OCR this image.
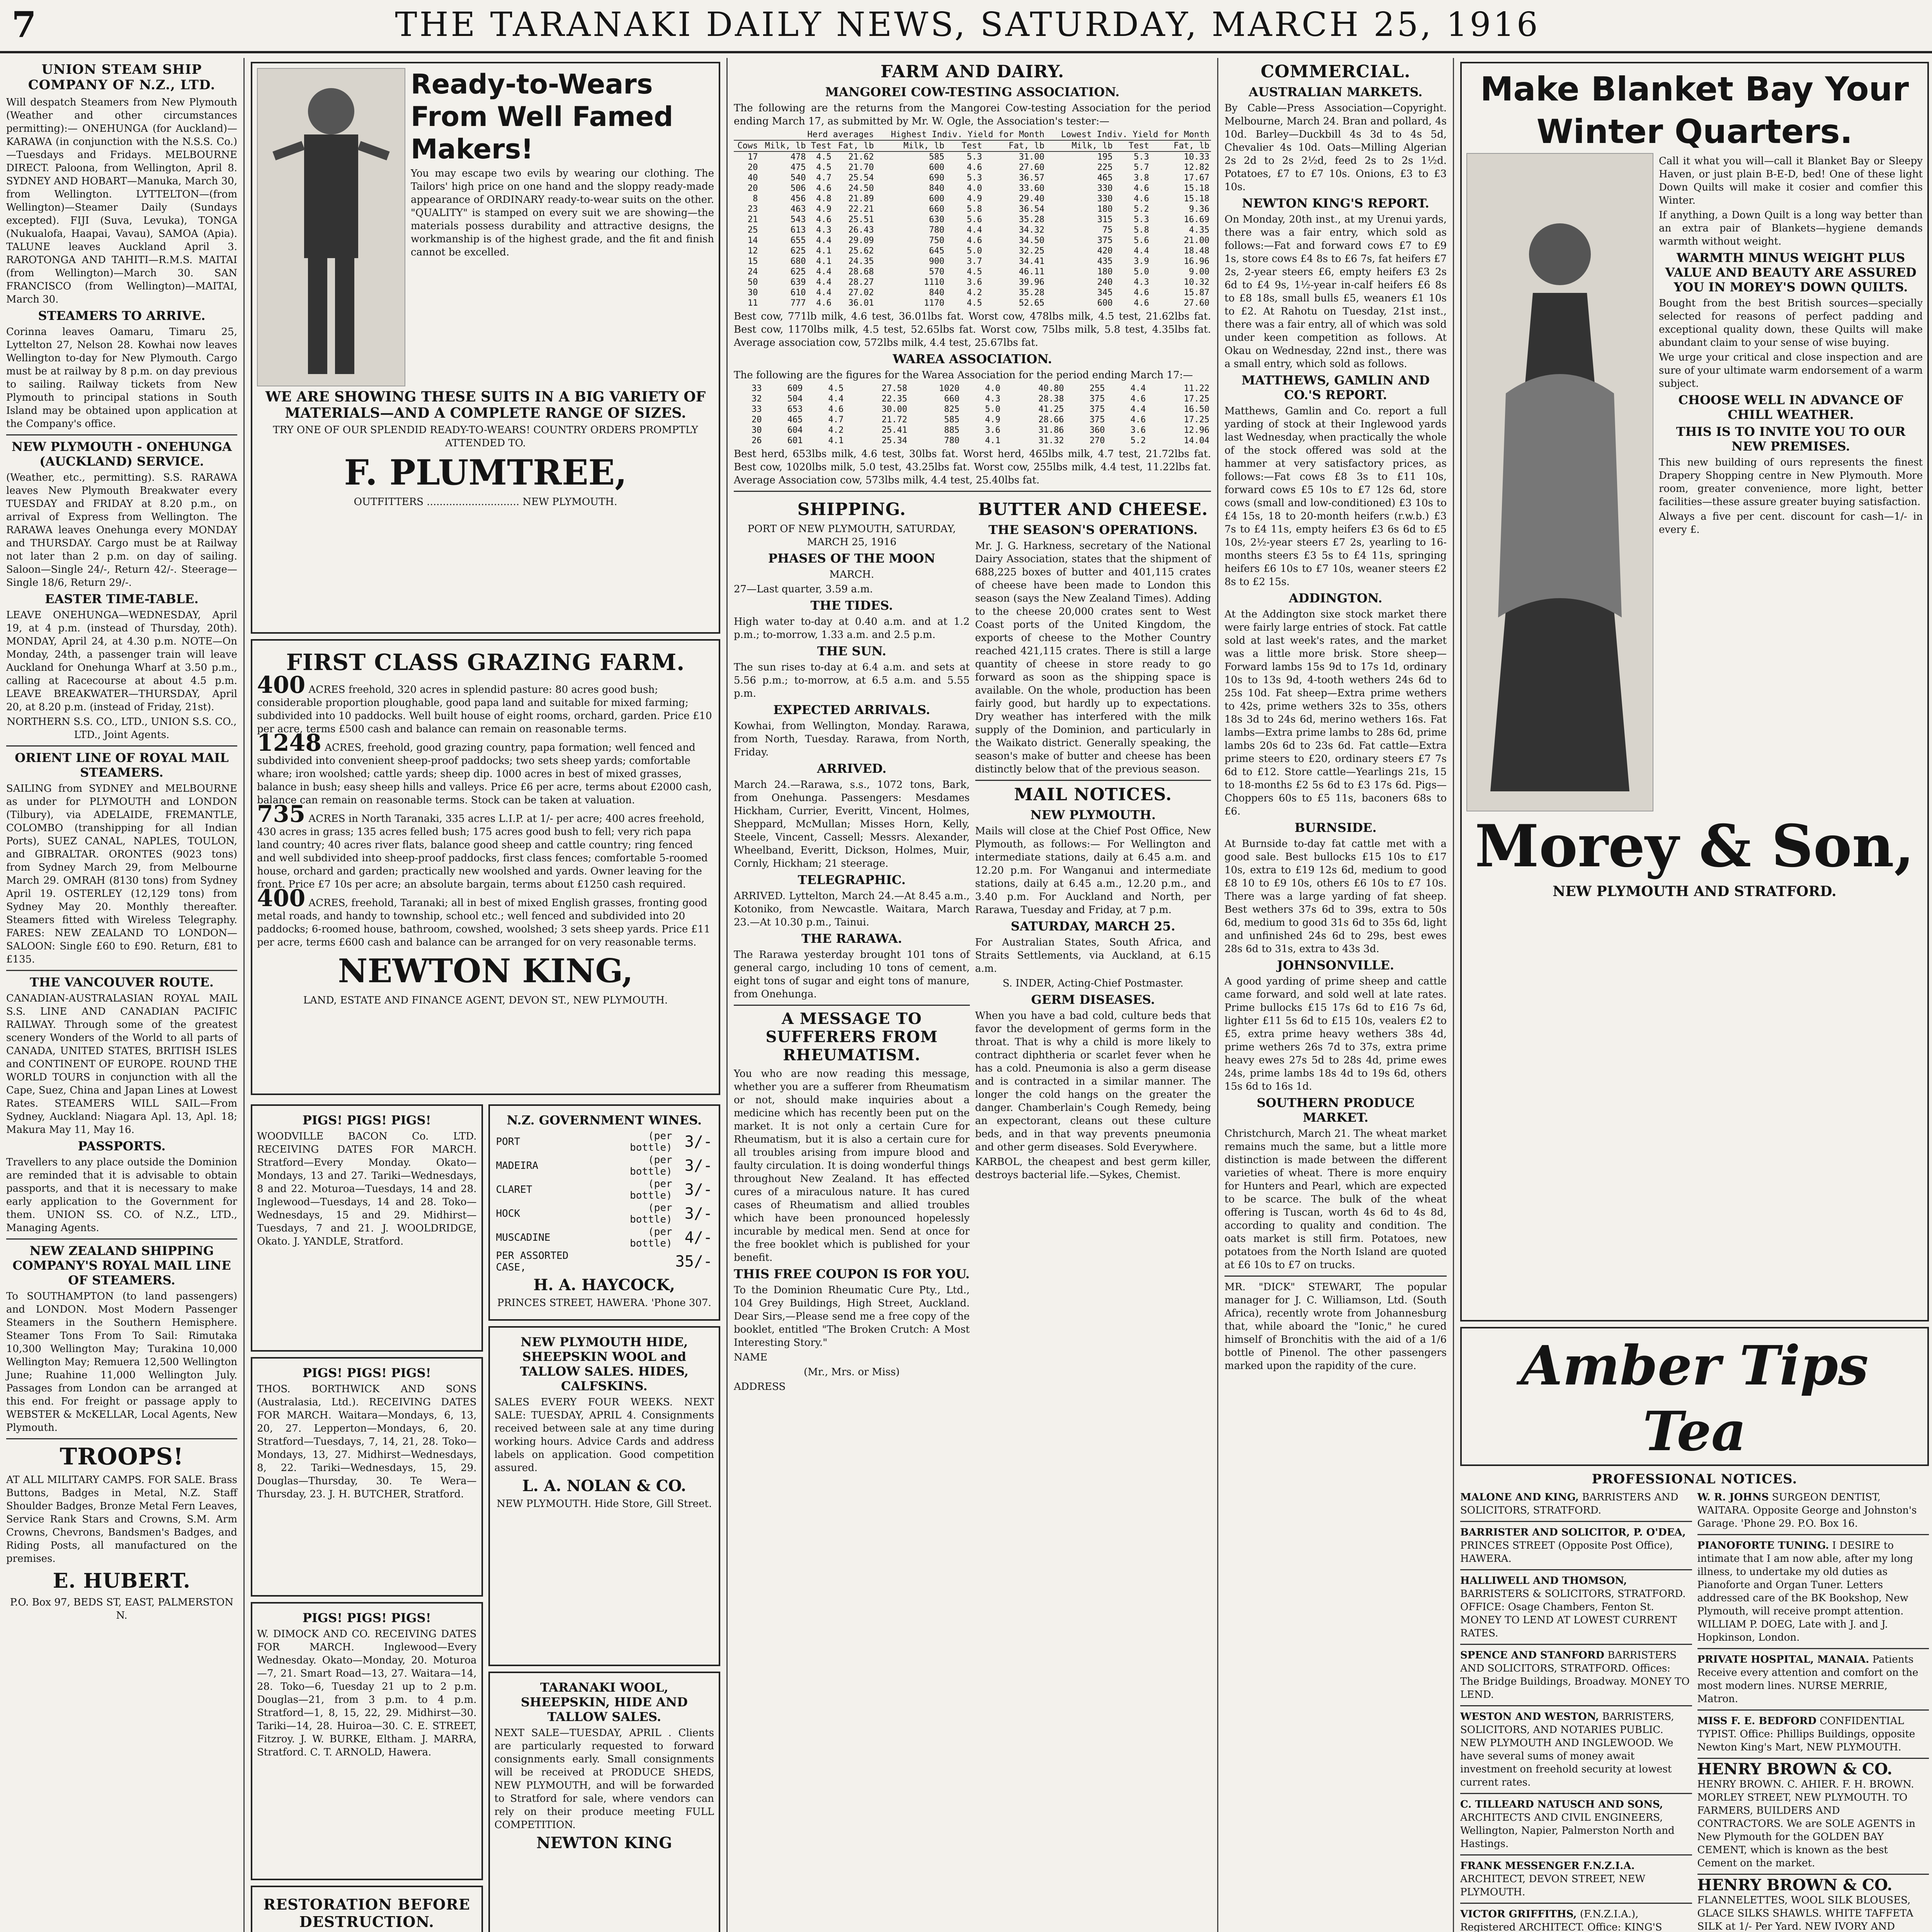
7	THE TARANAKI DAILY NEWS, SATURDAY, MARCH 25, 1916
UNION STEAM SHIP COMPANY OF N.Z., LTD.
Will despatch Steamers from New Plymouth (Weather and other circumstances permitting):— ONEHUNGA (for Auckland)—KARAWA (in conjunction with the N.S.S. Co.)—Tuesdays and Fridays. MELBOURNE DIRECT. Paloona, from Wellington, April 8. SYDNEY AND HOBART—Manuka, March 30, from Wellington. LYTTELTON—(from Wellington)—Steamer Daily (Sundays excepted). FIJI (Suva, Levuka), TONGA (Nukualofa, Haapai, Vavau), SAMOA (Apia). TALUNE leaves Auckland April 3. RAROTONGA AND TAHITI—R.M.S. MAITAI (from Wellington)—March 30. SAN FRANCISCO (from Wellington)—MAITAI, March 30.
STEAMERS TO ARRIVE.
Corinna leaves Oamaru, Timaru 25, Lyttelton 27, Nelson 28. Kowhai now leaves Wellington to-day for New Plymouth. Cargo must be at railway by 8 p.m. on day previous to sailing. Railway tickets from New Plymouth to principal stations in South Island may be obtained upon application at the Company's office.
NEW PLYMOUTH - ONEHUNGA (AUCKLAND) SERVICE.
(Weather, etc., permitting). S.S. RARAWA leaves New Plymouth Breakwater every TUESDAY and FRIDAY at 8.20 p.m., on arrival of Express from Wellington. The RARAWA leaves Onehunga every MONDAY and THURSDAY. Cargo must be at Railway not later than 2 p.m. on day of sailing. Saloon—Single 24/-, Return 42/-. Steerage—Single 18/6, Return 29/-.
EASTER TIME-TABLE.
LEAVE ONEHUNGA—WEDNESDAY, April 19, at 4 p.m. (instead of Thursday, 20th). MONDAY, April 24, at 4.30 p.m. NOTE—On Monday, 24th, a passenger train will leave Auckland for Onehunga Wharf at 3.50 p.m., calling at Racecourse at about 4.5 p.m. LEAVE BREAKWATER—THURSDAY, April 20, at 8.20 p.m. (instead of Friday, 21st).
NORTHERN S.S. CO., LTD., UNION S.S. CO., LTD., Joint Agents.
ORIENT LINE OF ROYAL MAIL STEAMERS.
SAILING from SYDNEY and MELBOURNE as under for PLYMOUTH and LONDON (Tilbury), via ADELAIDE, FREMANTLE, COLOMBO (transhipping for all Indian Ports), SUEZ CANAL, NAPLES, TOULON, and GIBRALTAR. ORONTES (9023 tons) from Sydney March 29, from Melbourne March 29. OMRAH (8130 tons) from Sydney April 19. OSTERLEY (12,129 tons) from Sydney May 20. Monthly thereafter. Steamers fitted with Wireless Telegraphy. FARES: NEW ZEALAND TO LONDON—SALOON: Single £60 to £90. Return, £81 to £135.
THE VANCOUVER ROUTE.
CANADIAN-AUSTRALASIAN ROYAL MAIL S.S. LINE AND CANADIAN PACIFIC RAILWAY. Through some of the greatest scenery Wonders of the World to all parts of CANADA, UNITED STATES, BRITISH ISLES and CONTINENT OF EUROPE. ROUND THE WORLD TOURS in conjunction with all the Cape, Suez, China and Japan Lines at Lowest Rates. STEAMERS WILL SAIL—From Sydney, Auckland: Niagara Apl. 13, Apl. 18; Makura May 11, May 16.
PASSPORTS.
Travellers to any place outside the Dominion are reminded that it is advisable to obtain passports, and that it is necessary to make early application to the Government for them. UNION SS. CO. of N.Z., LTD., Managing Agents.
NEW ZEALAND SHIPPING COMPANY'S ROYAL MAIL LINE OF STEAMERS.
To SOUTHAMPTON (to land passengers) and LONDON. Most Modern Passenger Steamers in the Southern Hemisphere. Steamer Tons From To Sail: Rimutaka 10,300 Wellington May; Turakina 10,000 Wellington May; Remuera 12,500 Wellington June; Ruahine 11,000 Wellington July. Passages from London can be arranged at this end. For freight or passage apply to WEBSTER & McKELLAR, Local Agents, New Plymouth.
TROOPS!
AT ALL MILITARY CAMPS. FOR SALE. Brass Buttons, Badges in Metal, N.Z. Staff Shoulder Badges, Bronze Metal Fern Leaves, Service Rank Stars and Crowns, S.M. Arm Crowns, Chevrons, Bandsmen's Badges, and Riding Posts, all manufactured on the premises.
E. HUBERT.
P.O. Box 97, BEDS ST, EAST, PALMERSTON N.
Ready-to-Wears From Well Famed Makers!
You may escape two evils by wearing our clothing. The Tailors' high price on one hand and the sloppy ready-made appearance of ORDINARY ready-to-wear suits on the other. "QUALITY" is stamped on every suit we are showing—the materials possess durability and attractive designs, the workmanship is of the highest grade, and the fit and finish cannot be excelled.
WE ARE SHOWING THESE SUITS IN A BIG VARIETY OF MATERIALS—AND A COMPLETE RANGE OF SIZES.
TRY ONE OF OUR SPLENDID READY-TO-WEARS! COUNTRY ORDERS PROMPTLY ATTENDED TO.
F. PLUMTREE,
OUTFITTERS ............................. NEW PLYMOUTH.
FIRST CLASS GRAZING FARM.
400 ACRES freehold, 320 acres in splendid pasture: 80 acres good bush; considerable proportion ploughable, good papa land and suitable for mixed farming; subdivided into 10 paddocks. Well built house of eight rooms, orchard, garden. Price £10 per acre, terms £500 cash and balance can remain on reasonable terms.
1248 ACRES, freehold, good grazing country, papa formation; well fenced and subdivided into convenient sheep-proof paddocks; two sets sheep yards; comfortable whare; iron woolshed; cattle yards; sheep dip. 1000 acres in best of mixed grasses, balance in bush; easy sheep hills and valleys. Price £6 per acre, terms about £2000 cash, balance can remain on reasonable terms. Stock can be taken at valuation.
735 ACRES in North Taranaki, 335 acres L.I.P. at 1/- per acre; 400 acres freehold, 430 acres in grass; 135 acres felled bush; 175 acres good bush to fell; very rich papa land country; 40 acres river flats, balance good sheep and cattle country; ring fenced and well subdivided into sheep-proof paddocks, first class fences; comfortable 5-roomed house, orchard and garden; practically new woolshed and yards. Owner leaving for the front. Price £7 10s per acre; an absolute bargain, terms about £1250 cash required.
400 ACRES, freehold, Taranaki; all in best of mixed English grasses, fronting good metal roads, and handy to township, school etc.; well fenced and subdivided into 20 paddocks; 6-roomed house, bathroom, cowshed, woolshed; 3 sets sheep yards. Price £11 per acre, terms £600 cash and balance can be arranged for on very reasonable terms.
NEWTON KING,
LAND, ESTATE AND FINANCE AGENT, DEVON ST., NEW PLYMOUTH.
PIGS! PIGS! PIGS!
WOODVILLE BACON Co. LTD. RECEIVING DATES FOR MARCH. Stratford—Every Monday. Okato—Mondays, 13 and 27. Tariki—Wednesdays, 8 and 22. Moturoa—Tuesdays, 14 and 28. Inglewood—Tuesdays, 14 and 28. Toko—Wednesdays, 15 and 29. Midhirst—Tuesdays, 7 and 21. J. WOOLDRIDGE, Okato. J. YANDLE, Stratford.
PIGS! PIGS! PIGS!
THOS. BORTHWICK AND SONS (Australasia, Ltd.). RECEIVING DATES FOR MARCH. Waitara—Mondays, 6, 13, 20, 27. Lepperton—Mondays, 6, 20. Stratford—Tuesdays, 7, 14, 21, 28. Toko—Mondays, 13, 27. Midhirst—Wednesdays, 8, 22. Tariki—Wednesdays, 15, 29. Douglas—Thursday, 30. Te Wera—Thursday, 23. J. H. BUTCHER, Stratford.
PIGS! PIGS! PIGS!
W. DIMOCK AND CO. RECEIVING DATES FOR MARCH. Inglewood—Every Wednesday. Okato—Monday, 20. Moturoa—7, 21. Smart Road—13, 27. Waitara—14, 28. Toko—6, Tuesday 21 up to 2 p.m. Douglas—21, from 3 p.m. to 4 p.m. Stratford—1, 8, 15, 22, 29. Midhirst—30. Tariki—14, 28. Huiroa—30. C. E. STREET, Fitzroy. J. W. BURKE, Eltham. J. MARRA, Stratford. C. T. ARNOLD, Hawera.
RESTORATION BEFORE DESTRUCTION.
N.Z. GOVERNMENT WINES.
PORT	(per bottle)	3/-
MADEIRA	(per bottle)	3/-
CLARET	(per bottle)	3/-
HOCK	(per bottle)	3/-
MUSCADINE	(per bottle)	4/-
PER ASSORTED CASE,		35/-
H. A. HAYCOCK,
PRINCES STREET, HAWERA. 'Phone 307.
NEW PLYMOUTH HIDE, SHEEPSKIN WOOL and TALLOW SALES. HIDES, CALFSKINS.
SALES EVERY FOUR WEEKS. NEXT SALE: TUESDAY, APRIL 4. Consignments received between sale at any time during working hours. Advice Cards and address labels on application. Good competition assured.
L. A. NOLAN & CO.
NEW PLYMOUTH. Hide Store, Gill Street.
TARANAKI WOOL, SHEEPSKIN, HIDE AND TALLOW SALES.
NEXT SALE—TUESDAY, APRIL . Clients are particularly requested to forward consignments early. Small consignments will be received at PRODUCE SHEDS, NEW PLYMOUTH, and will be forwarded to Stratford for sale, where vendors can rely on their produce meeting FULL COMPETITION.
NEWTON KING
FARM AND DAIRY.
MANGOREI COW-TESTING ASSOCIATION.
The following are the returns from the Mangorei Cow-testing Association for the period ending March 17, as submitted by Mr. W. Ogle, the Association's tester:—
	Herd averages			Highest Indiv. Yield for Month			Lowest Indiv. Yield for Month		
Cows	Milk, lb	Test	Fat, lb	Milk, lb	Test	Fat, lb	Milk, lb	Test	Fat, lb
17	478	4.5	21.62	585	5.3	31.00	195	5.3	10.33
20	475	4.5	21.70	600	4.6	27.60	225	5.7	12.82
40	540	4.7	25.54	690	5.3	36.57	465	3.8	17.67
20	506	4.6	24.50	840	4.0	33.60	330	4.6	15.18
8	456	4.8	21.89	600	4.9	29.40	330	4.6	15.18
23	463	4.9	22.21	660	5.8	36.54	180	5.2	9.36
21	543	4.6	25.51	630	5.6	35.28	315	5.3	16.69
25	613	4.3	26.43	780	4.4	34.32	75	5.8	4.35
14	655	4.4	29.09	750	4.6	34.50	375	5.6	21.00
12	625	4.1	25.62	645	5.0	32.25	420	4.4	18.48
15	680	4.1	24.35	900	3.7	34.41	435	3.9	16.96
24	625	4.4	28.68	570	4.5	46.11	180	5.0	9.00
50	639	4.4	28.27	1110	3.6	39.96	240	4.3	10.32
30	610	4.4	27.02	840	4.2	35.28	345	4.6	15.87
11	777	4.6	36.01	1170	4.5	52.65	600	4.6	27.60
Best cow, 771lb milk, 4.6 test, 36.01lbs fat. Worst cow, 478lbs milk, 4.5 test, 21.62lbs fat. Best cow, 1170lbs milk, 4.5 test, 52.65lbs fat. Worst cow, 75lbs milk, 5.8 test, 4.35lbs fat. Average association cow, 572lbs milk, 4.4 test, 25.67lbs fat.
WAREA ASSOCIATION.
The following are the figures for the Warea Association for the period ending March 17:—
33	609	4.5	27.58	1020	4.0	40.80	255	4.4	11.22
32	504	4.4	22.35	660	4.3	28.38	375	4.6	17.25
33	653	4.6	30.00	825	5.0	41.25	375	4.4	16.50
20	465	4.7	21.72	585	4.9	28.66	375	4.6	17.25
30	604	4.2	25.41	885	3.6	31.86	360	3.6	12.96
26	601	4.1	25.34	780	4.1	31.32	270	5.2	14.04
Best herd, 653lbs milk, 4.6 test, 30lbs fat. Worst herd, 465lbs milk, 4.7 test, 21.72lbs fat. Best cow, 1020lbs milk, 5.0 test, 43.25lbs fat. Worst cow, 255lbs milk, 4.4 test, 11.22lbs fat. Average Association cow, 573lbs milk, 4.4 test, 25.40lbs fat.
SHIPPING.
PORT OF NEW PLYMOUTH, SATURDAY, MARCH 25, 1916
PHASES OF THE MOON
MARCH.
27—Last quarter, 3.59 a.m.
THE TIDES.
High water to-day at 0.40 a.m. and at 1.2 p.m.; to-morrow, 1.33 a.m. and 2.5 p.m.
THE SUN.
The sun rises to-day at 6.4 a.m. and sets at 5.56 p.m.; to-morrow, at 6.5 a.m. and 5.55 p.m.
EXPECTED ARRIVALS.
Kowhai, from Wellington, Monday. Rarawa, from North, Tuesday. Rarawa, from North, Friday.
ARRIVED.
March 24.—Rarawa, s.s., 1072 tons, Bark, from Onehunga. Passengers: Mesdames Hickham, Currier, Everitt, Vincent, Holmes, Sheppard, McMullan; Misses Horn, Kelly, Steele, Vincent, Cassell; Messrs. Alexander, Wheelband, Everitt, Dickson, Holmes, Muir, Cornly, Hickham; 21 steerage.
TELEGRAPHIC.
ARRIVED. Lyttelton, March 24.—At 8.45 a.m., Kotoniko, from Newcastle. Waitara, March 23.—At 10.30 p.m., Tainui.
THE RARAWA.
The Rarawa yesterday brought 101 tons of general cargo, including 10 tons of cement, eight tons of sugar and eight tons of manure, from Onehunga.
A MESSAGE TO SUFFERERS FROM RHEUMATISM.
You who are now reading this message, whether you are a sufferer from Rheumatism or not, should make inquiries about a medicine which has recently been put on the market. It is not only a certain Cure for Rheumatism, but it is also a certain cure for all troubles arising from impure blood and faulty circulation. It is doing wonderful things throughout New Zealand. It has effected cures of a miraculous nature. It has cured cases of Rheumatism and allied troubles which have been pronounced hopelessly incurable by medical men. Send at once for the free booklet which is published for your benefit.
THIS FREE COUPON IS FOR YOU.
To the Dominion Rheumatic Cure Pty., Ltd., 104 Grey Buildings, High Street, Auckland. Dear Sirs,—Please send me a free copy of the booklet, entitled "The Broken Crutch: A Most Interesting Story."
NAME
(Mr., Mrs. or Miss)
ADDRESS
BUTTER AND CHEESE.
THE SEASON'S OPERATIONS.
Mr. J. G. Harkness, secretary of the National Dairy Association, states that the shipment of 688,225 boxes of butter and 401,115 crates of cheese have been made to London this season (says the New Zealand Times). Adding to the cheese 20,000 crates sent to West Coast ports of the United Kingdom, the exports of cheese to the Mother Country reached 421,115 crates. There is still a large quantity of cheese in store ready to go forward as soon as the shipping space is available. On the whole, production has been fairly good, but hardly up to expectations. Dry weather has interfered with the milk supply of the Dominion, and particularly in the Waikato district. Generally speaking, the season's make of butter and cheese has been distinctly below that of the previous season.
MAIL NOTICES.
NEW PLYMOUTH.
Mails will close at the Chief Post Office, New Plymouth, as follows:— For Wellington and intermediate stations, daily at 6.45 a.m. and 12.20 p.m. For Wanganui and intermediate stations, daily at 6.45 a.m., 12.20 p.m., and 3.40 p.m. For Auckland and North, per Rarawa, Tuesday and Friday, at 7 p.m.
SATURDAY, MARCH 25.
For Australian States, South Africa, and Straits Settlements, via Auckland, at 6.15 a.m.
S. INDER, Acting-Chief Postmaster.
GERM DISEASES.
When you have a bad cold, culture beds that favor the development of germs form in the throat. That is why a child is more likely to contract diphtheria or scarlet fever when he has a cold. Pneumonia is also a germ disease and is contracted in a similar manner. The longer the cold hangs on the greater the danger. Chamberlain's Cough Remedy, being an expectorant, cleans out these culture beds, and in that way prevents pneumonia and other germ diseases. Sold Everywhere.
KARBOL, the cheapest and best germ killer, destroys bacterial life.—Sykes, Chemist.
COMMERCIAL.
AUSTRALIAN MARKETS.
By Cable—Press Association—Copyright. Melbourne, March 24. Bran and pollard, 4s 10d. Barley—Duckbill 4s 3d to 4s 5d, Chevalier 4s 10d. Oats—Milling Algerian 2s 2d to 2s 2½d, feed 2s to 2s 1½d. Potatoes, £7 to £7 10s. Onions, £3 to £3 10s.
NEWTON KING'S REPORT.
On Monday, 20th inst., at my Urenui yards, there was a fair entry, which sold as follows:—Fat and forward cows £7 to £9 1s, store cows £4 8s to £6 7s, fat heifers £7 2s, 2-year steers £6, empty heifers £3 2s 6d to £4 9s, 1½-year in-calf heifers £6 8s to £8 18s, small bulls £5, weaners £1 10s to £2. At Rahotu on Tuesday, 21st inst., there was a fair entry, all of which was sold under keen competition as follows. At Okau on Wednesday, 22nd inst., there was a small entry, which sold as follows.
MATTHEWS, GAMLIN AND CO.'S REPORT.
Matthews, Gamlin and Co. report a full yarding of stock at their Inglewood yards last Wednesday, when practically the whole of the stock offered was sold at the hammer at very satisfactory prices, as follows:—Fat cows £8 3s to £11 10s, forward cows £5 10s to £7 12s 6d, store cows (small and low-conditioned) £3 10s to £4 15s, 18 to 20-month heifers (r.w.b.) £3 7s to £4 11s, empty heifers £3 6s 6d to £5 10s, 2½-year steers £7 2s, yearling to 16-months steers £3 5s to £4 11s, springing heifers £6 10s to £7 10s, weaner steers £2 8s to £2 15s.
ADDINGTON.
At the Addington sixe stock market there were fairly large entries of stock. Fat cattle sold at last week's rates, and the market was a little more brisk. Store sheep—Forward lambs 15s 9d to 17s 1d, ordinary 10s to 13s 9d, 4-tooth wethers 24s 6d to 25s 10d. Fat sheep—Extra prime wethers to 42s, prime wethers 32s to 35s, others 18s 3d to 24s 6d, merino wethers 16s. Fat lambs—Extra prime lambs to 28s 6d, prime lambs 20s 6d to 23s 6d. Fat cattle—Extra prime steers to £20, ordinary steers £7 7s 6d to £12. Store cattle—Yearlings 21s, 15 to 18-months £2 5s 6d to £3 17s 6d. Pigs—Choppers 60s to £5 11s, baconers 68s to £6.
BURNSIDE.
At Burnside to-day fat cattle met with a good sale. Best bullocks £15 10s to £17 10s, extra to £19 12s 6d, medium to good £8 10 to £9 10s, others £6 10s to £7 10s. There was a large yarding of fat sheep. Best wethers 37s 6d to 39s, extra to 50s 6d, medium to good 31s 6d to 35s 6d, light and unfinished 24s 6d to 29s, best ewes 28s 6d to 31s, extra to 43s 3d.
JOHNSONVILLE.
A good yarding of prime sheep and cattle came forward, and sold well at late rates. Prime bullocks £15 17s 6d to £16 7s 6d, lighter £11 5s 6d to £15 10s, vealers £2 to £5, extra prime heavy wethers 38s 4d, prime wethers 26s 7d to 37s, extra prime heavy ewes 27s 5d to 28s 4d, prime ewes 24s, prime lambs 18s 4d to 19s 6d, others 15s 6d to 16s 1d.
SOUTHERN PRODUCE MARKET.
Christchurch, March 21. The wheat market remains much the same, but a little more distinction is made between the different varieties of wheat. There is more enquiry for Hunters and Pearl, which are expected to be scarce. The bulk of the wheat offering is Tuscan, worth 4s 6d to 4s 8d, according to quality and condition. The oats market is still firm. Potatoes, new potatoes from the North Island are quoted at £6 10s to £7 on trucks.
MR. "DICK" STEWART, The popular manager for J. C. Williamson, Ltd. (South Africa), recently wrote from Johannesburg that, while aboard the "Ionic," he cured himself of Bronchitis with the aid of a 1/6 bottle of Pinenol. The other passengers marked upon the rapidity of the cure.
Make Blanket Bay Your Winter Quarters.
Call it what you will—call it Blanket Bay or Sleepy Haven, or just plain B-E-D, bed! One of these light Down Quilts will make it cosier and comfier this Winter.
If anything, a Down Quilt is a long way better than an extra pair of Blankets—hygiene demands warmth without weight.
WARMTH MINUS WEIGHT PLUS VALUE AND BEAUTY ARE ASSURED YOU IN MOREY'S DOWN QUILTS.
Bought from the best British sources—specially selected for reasons of perfect padding and exceptional quality down, these Quilts will make abundant claim to your sense of wise buying.
We urge your critical and close inspection and are sure of your ultimate warm endorsement of a warm subject.
CHOOSE WELL IN ADVANCE OF CHILL WEATHER.
THIS IS TO INVITE YOU TO OUR NEW PREMISES.
This new building of ours represents the finest Drapery Shopping centre in New Plymouth. More room, greater convenience, more light, better facilities—these assure greater buying satisfaction.
Always a five per cent. discount for cash—1/- in every £.
Morey & Son,
NEW PLYMOUTH AND STRATFORD.
Amber Tips Tea
PROFESSIONAL NOTICES.
MALONE AND KING, BARRISTERS AND SOLICITORS, STRATFORD.
BARRISTER AND SOLICITOR, P. O'DEA, PRINCES STREET (Opposite Post Office), HAWERA.
HALLIWELL AND THOMSON, BARRISTERS & SOLICITORS, STRATFORD. OFFICE: Osage Chambers, Fenton St. MONEY TO LEND AT LOWEST CURRENT RATES.
SPENCE AND STANFORD BARRISTERS AND SOLICITORS, STRATFORD. Offices: The Bridge Buildings, Broadway. MONEY TO LEND.
WESTON AND WESTON, BARRISTERS, SOLICITORS, AND NOTARIES PUBLIC. NEW PLYMOUTH AND INGLEWOOD. We have several sums of money await investment on freehold security at lowest current rates.
C. TILLEARD NATUSCH AND SONS, ARCHITECTS AND CIVIL ENGINEERS, Wellington, Napier, Palmerston North and Hastings.
FRANK MESSENGER F.N.Z.I.A. ARCHITECT, DEVON STREET, NEW PLYMOUTH.
VICTOR GRIFFITHS, (F.N.Z.I.A.), Registered ARCHITECT. Office: KING'S
W. R. JOHNS SURGEON DENTIST, WAITARA. Opposite George and Johnston's Garage. 'Phone 29. P.O. Box 16.
PIANOFORTE TUNING. I DESIRE to intimate that I am now able, after my long illness, to undertake my old duties as Pianoforte and Organ Tuner. Letters addressed care of the BK Bookshop, New Plymouth, will receive prompt attention. WILLIAM P. DOEG, Late with J. and J. Hopkinson, London.
PRIVATE HOSPITAL, MANAIA. Patients Receive every attention and comfort on the most modern lines. NURSE MERRIE, Matron.
MISS F. E. BEDFORD CONFIDENTIAL TYPIST. Office: Phillips Buildings, opposite Newton King's Mart, NEW PLYMOUTH.
HENRY BROWN & CO. HENRY BROWN. C. AHIER. F. H. BROWN. MORLEY STREET, NEW PLYMOUTH. TO FARMERS, BUILDERS AND CONTRACTORS. We are SOLE AGENTS in New Plymouth for the GOLDEN BAY CEMENT, which is known as the best Cement on the market.
HENRY BROWN & CO. FLANNELETTES, WOOL SILK BLOUSES, GLACE SILKS SHAWLS. WHITE TAFFETA SILK at 1/- Per Yard. NEW IVORY AND
